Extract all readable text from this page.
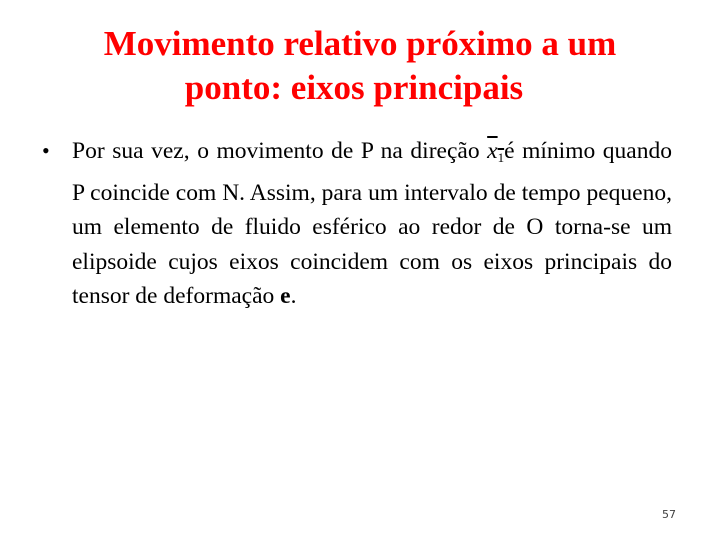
Movimento relativo próximo a um
ponto: eixos principais
• Por sua vez, o movimento de P na direção x1é mínimo quando P coincide com N. Assim, para um intervalo de tempo pequeno, um elemento de fluido esférico ao redor de O torna-se um elipsoide cujos eixos coincidem com os eixos principais do tensor de deformação e.
57
